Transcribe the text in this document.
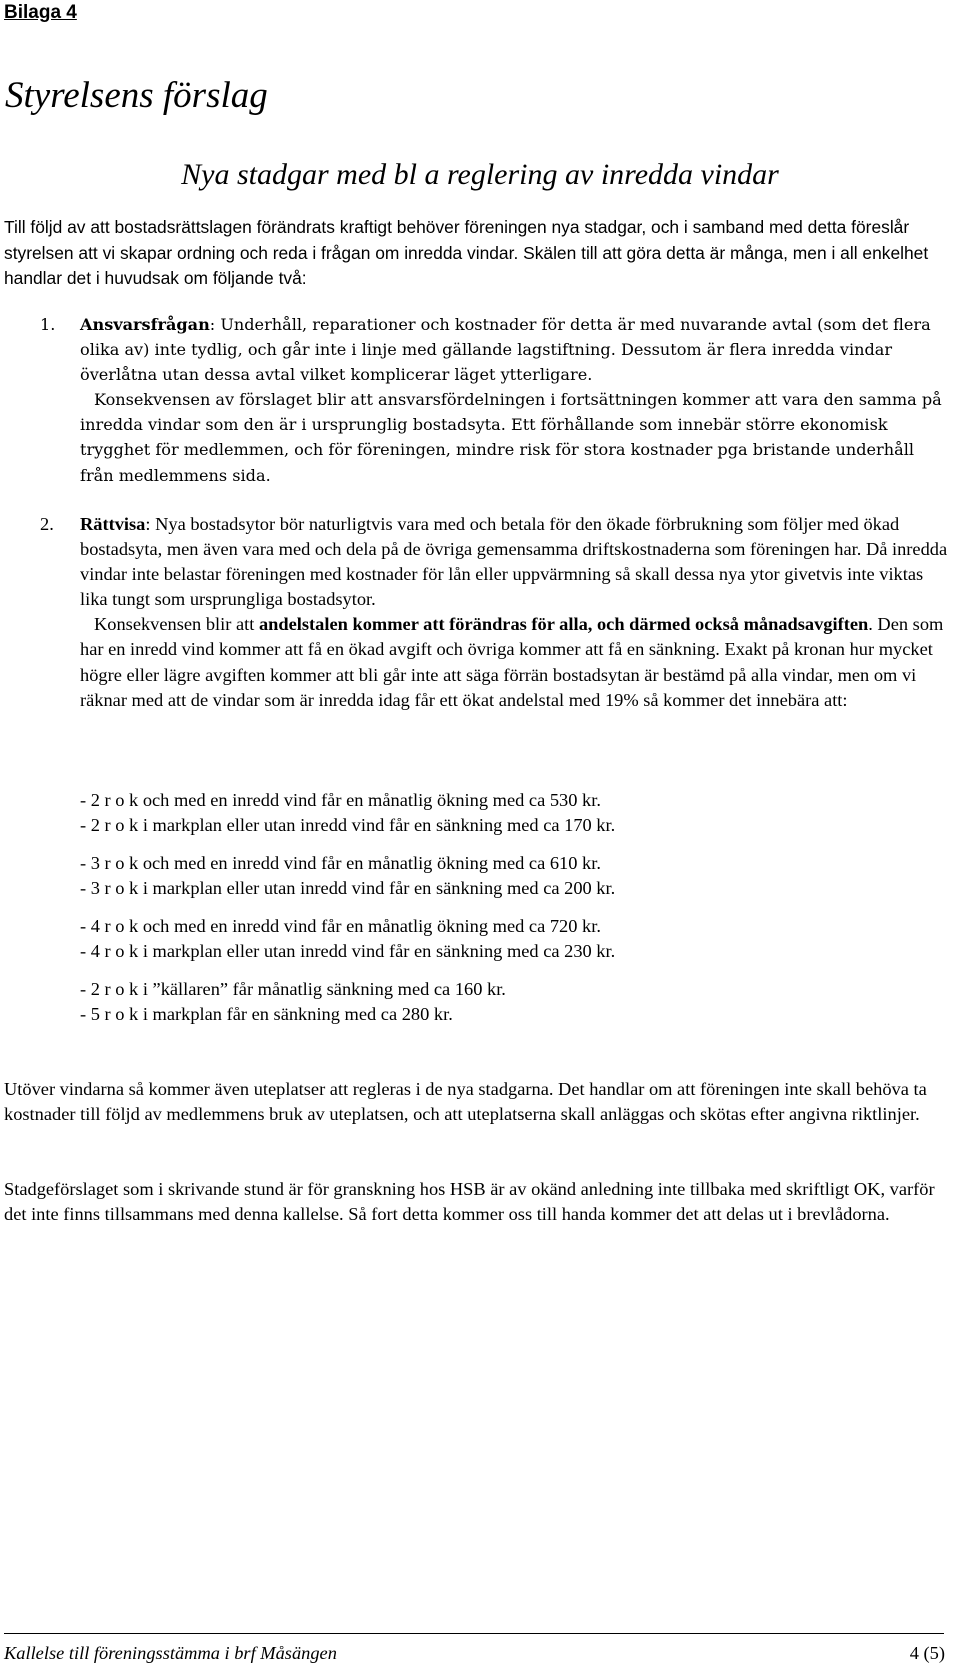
Bilaga 4
Styrelsens förslag
Nya stadgar med bl a reglering av inredda vindar

Till följd av att bostadsrättslagen förändrats kraftigt behöver föreningen nya stadgar, och i samband med detta föreslår styrelsen att vi skapar ordning och reda i frågan om inredda vindar. Skälen till att göra detta är många, men i all enkelhet handlar det i huvudsak om följande två:

1. Ansvarsfrågan: Underhåll, reparationer och kostnader för detta är med nuvarande avtal (som det flera olika av) inte tydlig, och går inte i linje med gällande lagstiftning. Dessutom är flera inredda vindar överlåtna utan dessa avtal vilket komplicerar läget ytterligare.

Konsekvensen av förslaget blir att ansvarsfördelningen i fortsättningen kommer att vara den samma på inredda vindar som den är i ursprunglig bostadsyta. Ett förhållande som innebär större ekonomisk trygghet för medlemmen, och för föreningen, mindre risk för stora kostnader pga bristande underhåll från medlemmens sida.

2. Rättvisa: Nya bostadsytor bör naturligtvis vara med och betala för den ökade förbrukning som följer med ökad bostadsyta, men även vara med och dela på de övriga gemensamma driftskostnaderna som föreningen har. Då inredda vindar inte belastar föreningen med kostnader för lån eller uppvärmning så skall dessa nya ytor givetvis inte viktas lika tungt som ursprungliga bostadsytor.

Konsekvensen blir att andelstalen kommer att förändras för alla, och därmed också månadsavgiften. Den som har en inredd vind kommer att få en ökad avgift och övriga kommer att få en sänkning. Exakt på kronan hur mycket högre eller lägre avgiften kommer att bli går inte att säga förrän bostadsytan är bestämd på alla vindar, men om vi räknar med att de vindar som är inredda idag får ett ökat andelstal med 19% så kommer det innebära att:

- 2 r o k och med en inredd vind får en månatlig ökning med ca 530 kr.
- 2 r o k i markplan eller utan inredd vind får en sänkning med ca 170 kr.
- 3 r o k och med en inredd vind får en månatlig ökning med ca 610 kr.
- 3 r o k i markplan eller utan inredd vind får en sänkning med ca 200 kr.
- 4 r o k och med en inredd vind får en månatlig ökning med ca 720 kr.
- 4 r o k i markplan eller utan inredd vind får en sänkning med ca 230 kr.
- 2 r o k i ”källaren” får månatlig sänkning med ca 160 kr.
- 5 r o k i markplan får en sänkning med ca 280 kr.

Utöver vindarna så kommer även uteplatser att regleras i de nya stadgarna. Det handlar om att föreningen inte skall behöva ta kostnader till följd av medlemmens bruk av uteplatsen, och att uteplatserna skall anläggas och skötas efter angivna riktlinjer.

Stadgeförslaget som i skrivande stund är för granskning hos HSB är av okänd anledning inte tillbaka med skriftligt OK, varför det inte finns tillsammans med denna kallelse. Så fort detta kommer oss till handa kommer det att delas ut i brevlådorna.

Kallelse till föreningsstämma i brf Måsängen	4 (5)
